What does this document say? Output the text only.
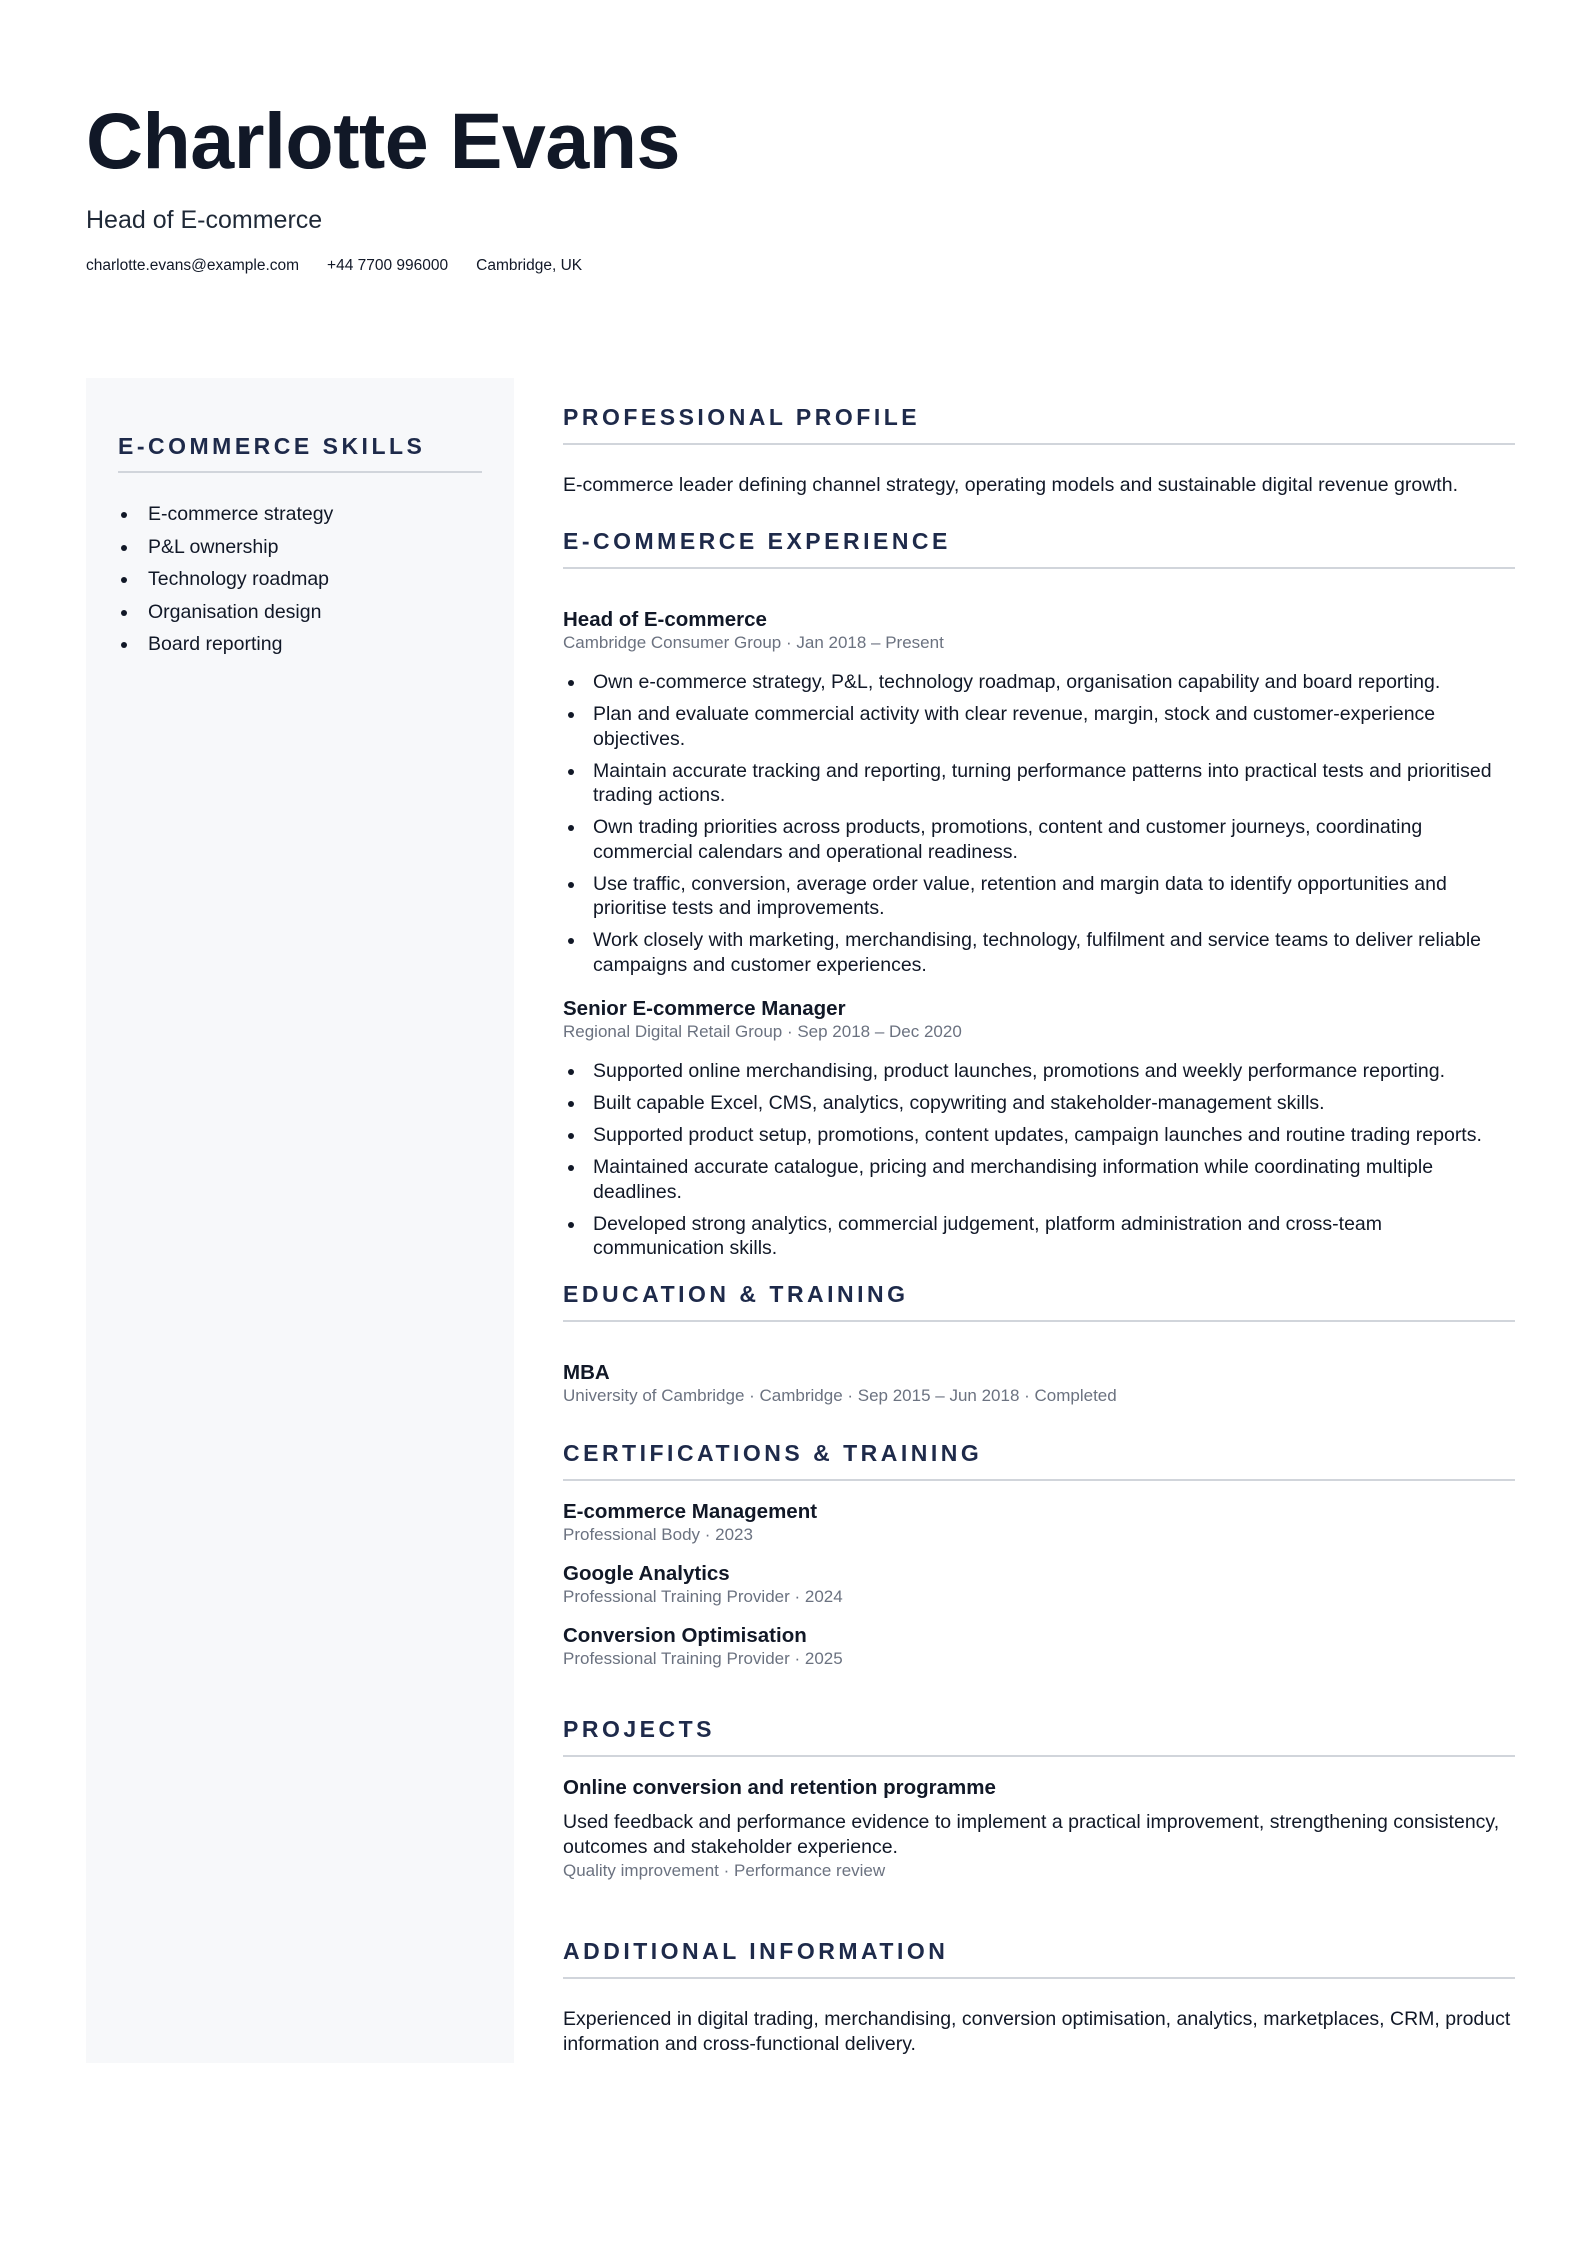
Charlotte Evans
Head of E-commerce
charlotte.evans@example.com +44 7700 996000 Cambridge, UK
E-COMMERCE SKILLS
E-commerce strategy
P&L ownership
Technology roadmap
Organisation design
Board reporting
PROFESSIONAL PROFILE

E-commerce leader defining channel strategy, operating models and sustainable digital revenue growth.

E-COMMERCE EXPERIENCE
Head of E-commerce
Cambridge Consumer Group · Jan 2018 – Present
Own e-commerce strategy, P&L, technology roadmap, organisation capability and board reporting.
Plan and evaluate commercial activity with clear revenue, margin, stock and customer-experience objectives.
Maintain accurate tracking and reporting, turning performance patterns into practical tests and prioritised trading actions.
Own trading priorities across products, promotions, content and customer journeys, coordinating commercial calendars and operational readiness.
Use traffic, conversion, average order value, retention and margin data to identify opportunities and prioritise tests and improvements.
Work closely with marketing, merchandising, technology, fulfilment and service teams to deliver reliable campaigns and customer experiences.
Senior E-commerce Manager
Regional Digital Retail Group · Sep 2018 – Dec 2020
Supported online merchandising, product launches, promotions and weekly performance reporting.
Built capable Excel, CMS, analytics, copywriting and stakeholder-management skills.
Supported product setup, promotions, content updates, campaign launches and routine trading reports.
Maintained accurate catalogue, pricing and merchandising information while coordinating multiple deadlines.
Developed strong analytics, commercial judgement, platform administration and cross-team communication skills.
EDUCATION & TRAINING
MBA
University of Cambridge · Cambridge · Sep 2015 – Jun 2018 · Completed
CERTIFICATIONS & TRAINING
E-commerce Management
Professional Body · 2023
Google Analytics
Professional Training Provider · 2024
Conversion Optimisation
Professional Training Provider · 2025
PROJECTS
Online conversion and retention programme

Used feedback and performance evidence to implement a practical improvement, strengthening consistency, outcomes and stakeholder experience.

Quality improvement · Performance review
ADDITIONAL INFORMATION

Experienced in digital trading, merchandising, conversion optimisation, analytics, marketplaces, CRM, product information and cross-functional delivery.
